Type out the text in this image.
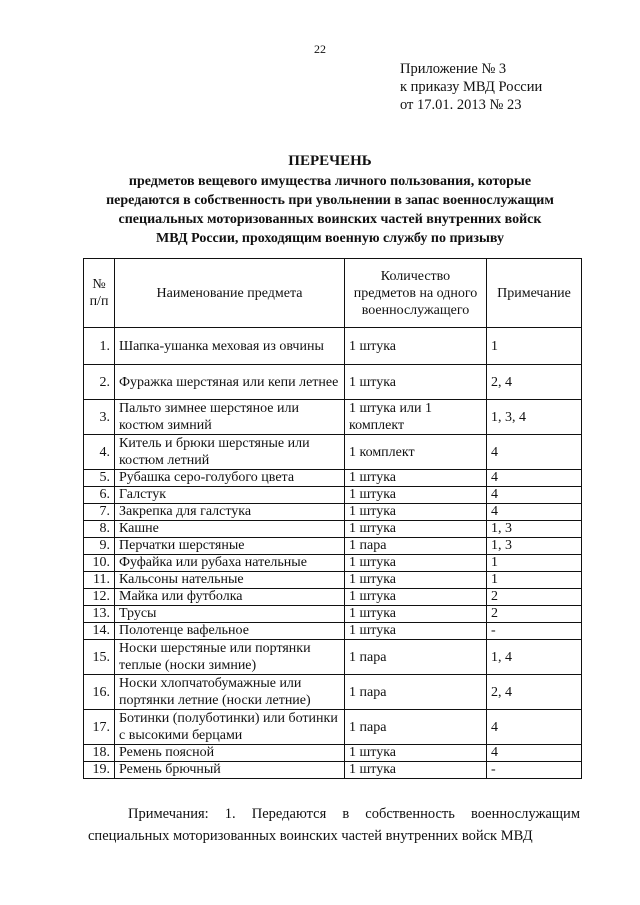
22
Приложение № 3
к приказу МВД России
от 17.01. 2013 № 23
ПЕРЕЧЕНЬ
предметов вещевого имущества личного пользования, которые
передаются в собственность при увольнении в запас военнослужащим
специальных моторизованных воинских частей внутренних войск
МВД России, проходящим военную службу по призыву
№ п/п	Наименование предмета	Количество предметов на одного военнослужащего	Примечание
1.	Шапка-ушанка меховая из овчины	1 штука	1
2.	Фуражка шерстяная или кепи летнее	1 штука	2, 4
3.	Пальто зимнее шерстяное или костюм зимний	1 штука или 1 комплект	1, 3, 4
4.	Китель и брюки шерстяные или костюм летний	1 комплект	4
5.	Рубашка серо-голубого цвета	1 штука	4
6.	Галстук	1 штука	4
7.	Закрепка для галстука	1 штука	4
8.	Кашне	1 штука	1, 3
9.	Перчатки шерстяные	1 пара	1, 3
10.	Фуфайка или рубаха нательные	1 штука	1
11.	Кальсоны нательные	1 штука	1
12.	Майка или футболка	1 штука	2
13.	Трусы	1 штука	2
14.	Полотенце вафельное	1 штука	-
15.	Носки шерстяные или портянки теплые (носки зимние)	1 пара	1, 4
16.	Носки хлопчатобумажные или портянки летние (носки летние)	1 пара	2, 4
17.	Ботинки (полуботинки) или ботинки с высокими берцами	1 пара	4
18.	Ремень поясной	1 штука	4
19.	Ремень брючный	1 штука	-
Примечания: 1. Передаются в собственность военнослужащим
специальных моторизованных воинских частей внутренних войск МВД
